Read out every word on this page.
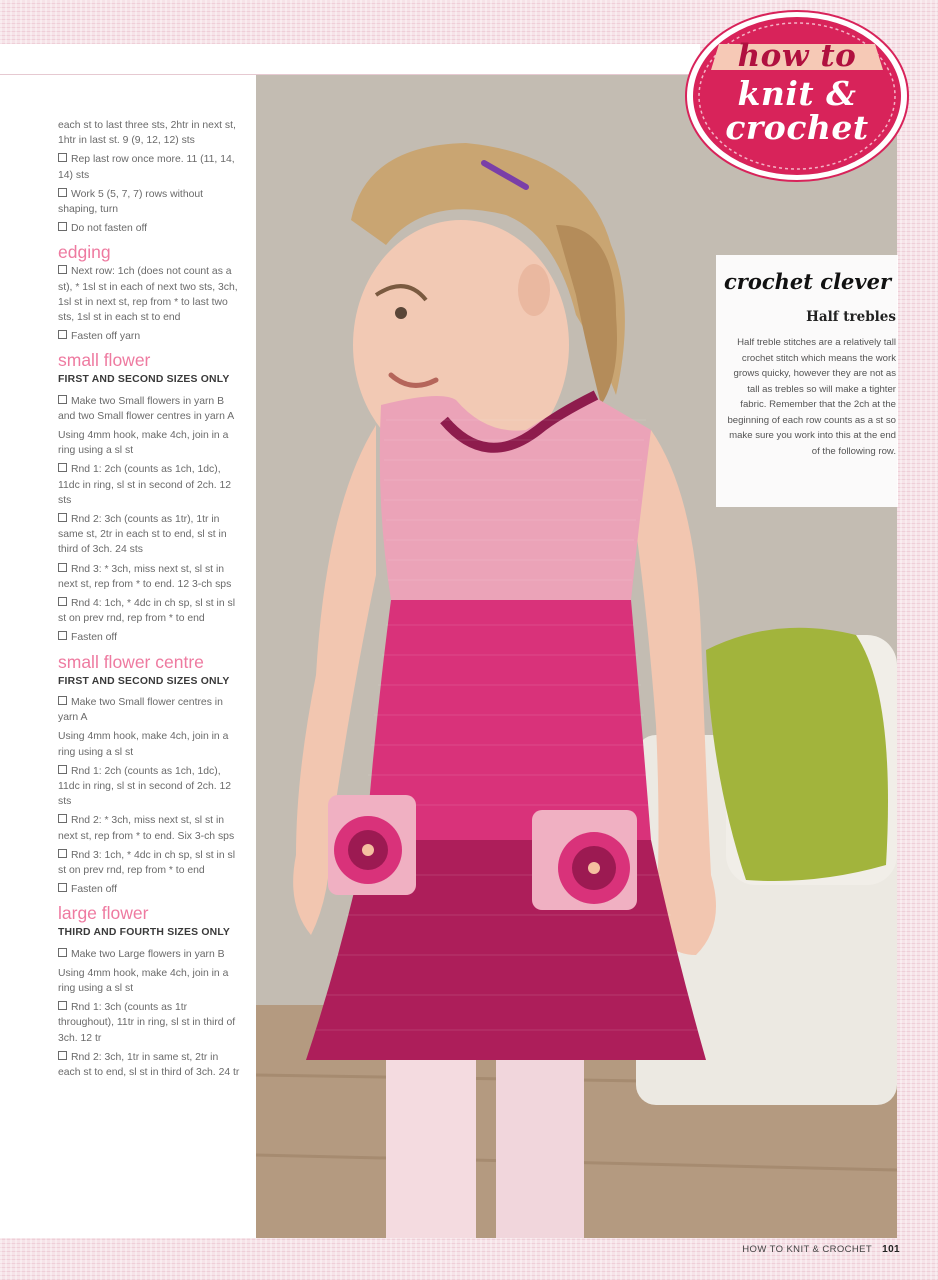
each st to last three sts, 2htr in next st, 1htr in last st. 9 (9, 12, 12) sts

Rep last row once more. 11 (11, 14, 14) sts

Work 5 (5, 7, 7) rows without shaping, turn

Do not fasten off

edging

Next row: 1ch (does not count as a st), * 1sl st in each of next two sts, 3ch, 1sl st in next st, rep from * to last two sts, 1sl st in each st to end

Fasten off yarn

small flower
FIRST AND SECOND SIZES ONLY

Make two Small flowers in yarn B and two Small flower centres in yarn A

Using 4mm hook, make 4ch, join in a ring using a sl st

Rnd 1: 2ch (counts as 1ch, 1dc), 11dc in ring, sl st in second of 2ch. 12 sts

Rnd 2: 3ch (counts as 1tr), 1tr in same st, 2tr in each st to end, sl st in third of 3ch. 24 sts

Rnd 3: * 3ch, miss next st, sl st in next st, rep from * to end. 12 3-ch sps

Rnd 4: 1ch, * 4dc in ch sp, sl st in sl st on prev rnd, rep from * to end

Fasten off

small flower centre
FIRST AND SECOND SIZES ONLY

Make two Small flower centres in yarn A

Using 4mm hook, make 4ch, join in a ring using a sl st

Rnd 1: 2ch (counts as 1ch, 1dc), 11dc in ring, sl st in second of 2ch. 12 sts

Rnd 2: * 3ch, miss next st, sl st in next st, rep from * to end. Six 3-ch sps

Rnd 3: 1ch, * 4dc in ch sp, sl st in sl st on prev rnd, rep from * to end

Fasten off

large flower
THIRD AND FOURTH SIZES ONLY

Make two Large flowers in yarn B

Using 4mm hook, make 4ch, join in a ring using a sl st

Rnd 1: 3ch (counts as 1tr throughout), 11tr in ring, sl st in third of 3ch. 12 tr

Rnd 2: 3ch, 1tr in same st, 2tr in each st to end, sl st in third of 3ch. 24 tr

how to
knit &
crochet
crochet clever
Half trebles
Half treble stitches are a relatively tall crochet stitch which means the work grows quicky, however they are not as tall as trebles so will make a tighter fabric. Remember that the 2ch at the beginning of each row counts as a st so make sure you work into this at the end of the following row.
HOW TO KNIT & CROCHET 101
